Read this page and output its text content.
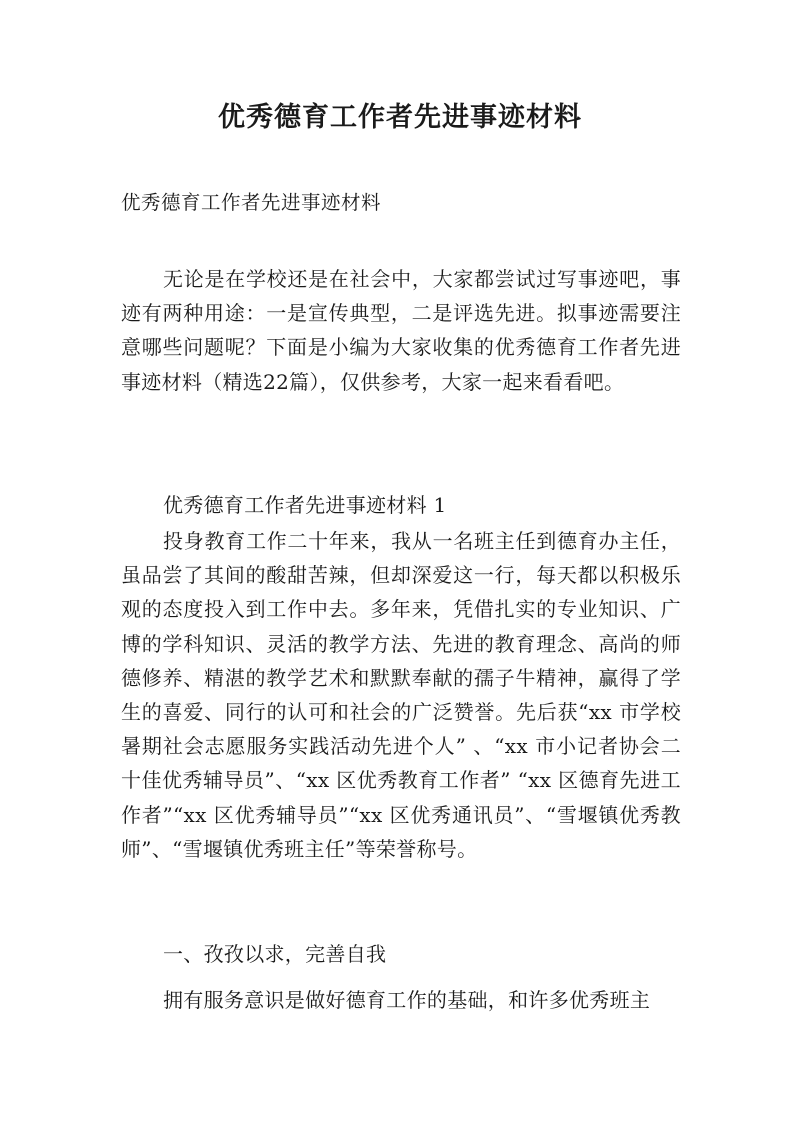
优秀德育工作者先进事迹材料

优秀德育工作者先进事迹材料

无论是在学校还是在社会中，大家都尝试过写事迹吧，事迹有两种用途：一是宣传典型，二是评选先进。拟事迹需要注意哪些问题呢？下面是小编为大家收集的优秀德育工作者先进事迹材料（精选22篇），仅供参考，大家一起来看看吧。

优秀德育工作者先进事迹材料 1

投身教育工作二十年来，我从一名班主任到德育办主任，虽品尝了其间的酸甜苦辣，但却深爱这一行，每天都以积极乐观的态度投入到工作中去。多年来，凭借扎实的专业知识、广博的学科知识、灵活的教学方法、先进的教育理念、高尚的师德修养、精湛的教学艺术和默默奉献的孺子牛精神，赢得了学生的喜爱、同行的认可和社会的广泛赞誉。先后获“xx 市学校暑期社会志愿服务实践活动先进个人” 、“xx 市小记者协会二十佳优秀辅导员”、“xx 区优秀教育工作者” “xx 区德育先进工作者”“xx 区优秀辅导员”“xx 区优秀通讯员”、“雪堰镇优秀教师”、“雪堰镇优秀班主任”等荣誉称号。

一、孜孜以求，完善自我

拥有服务意识是做好德育工作的基础，和许多优秀班主
